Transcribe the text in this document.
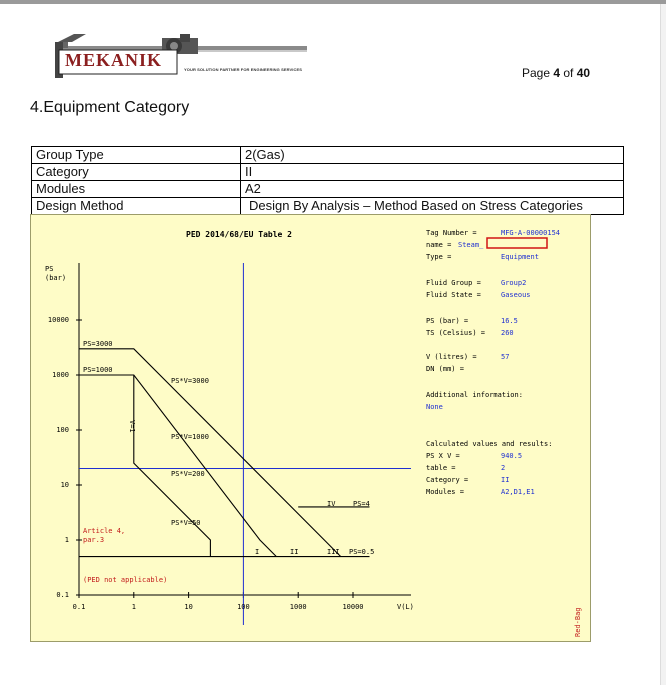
MEKANIK	YOUR SOLUTION PARTNER FOR ENGINEERING SERVICES	Page 4 of 40
4.Equipment Category
Group Type	2(Gas)
Category	II
Modules	A2
Design Method	Design By Analysis – Method Based on Stress Categories
0.1	1	10	100	1000	10000
0.1
1
10
100
1000
10000
PED 2014/68/EU Table 2
PS
(bar)
V(L)
PS=3000
PS=1000
PS*V=3000
PS*V=1000
PS*V=200
PS*V=50
V=1
PS=4
PS=0.5
I	II	III
IV
Article 4,
par.3
(PED not applicable)
Red-Bag
Tag Number =	MFG-A-00000154
name = Steam_
Type =	Equipment
Fluid Group =	Group2
Fluid State =	Gaseous
PS (bar) =	16.5
TS (Celsius) = 260
V (litres) =	57
DN (mm) =
Additional information:
None
Calculated values and results:
PS X V =	940.5
table =	2
Category =	II
Modules =	A2,D1,E1
